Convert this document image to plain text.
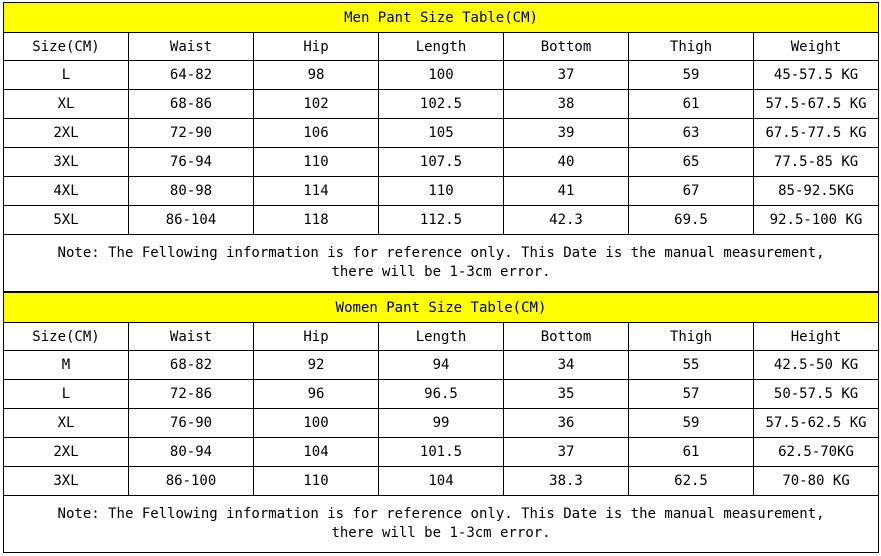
Men Pant Size Table(CM)						
Size(CM)	Waist	Hip	Length	Bottom	Thigh	Weight
L	64-82	98	100	37	59	45-57.5 KG
XL	68-86	102	102.5	38	61	57.5-67.5 KG
2XL	72-90	106	105	39	63	67.5-77.5 KG
3XL	76-94	110	107.5	40	65	77.5-85 KG
4XL	80-98	114	110	41	67	85-92.5KG
5XL	86-104	118	112.5	42.3	69.5	92.5-100 KG

Note: The Fellowing information is for reference only. This Date is the manual measurement,
there will be 1-3cm error.						
Women Pant Size Table(CM)						
Size(CM)	Waist	Hip	Length	Bottom	Thigh	Height
M	68-82	92	94	34	55	42.5-50 KG
L	72-86	96	96.5	35	57	50-57.5 KG
XL	76-90	100	99	36	59	57.5-62.5 KG
2XL	80-94	104	101.5	37	61	62.5-70KG
3XL	86-100	110	104	38.3	62.5	70-80 KG

Note: The Fellowing information is for reference only. This Date is the manual measurement,
there will be 1-3cm error.						
